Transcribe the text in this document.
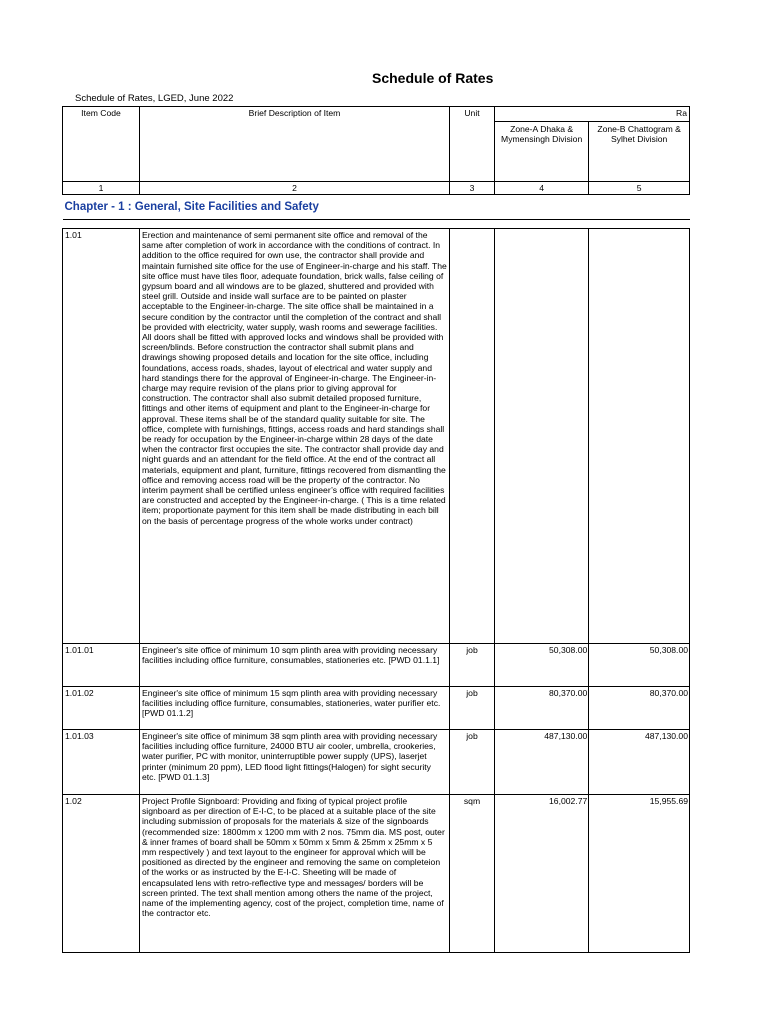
Schedule of Rates
Schedule of Rates, LGED, June 2022
Item Code	Brief Description of Item	Unit	Ra	
			Zone-A Dhaka & Mymensingh Division	Zone-B Chattogram & Sylhet Division
1	2	3	4	5
Chapter - 1 : General, Site Facilities and Safety				

1.01	Erection and maintenance of semi permanent site office and removal of the same after completion of work in accordance with the conditions of contract. In addition to the office required for own use, the contractor shall provide and maintain furnished site office for the use of Engineer-in-charge and his staff. The site office must have tiles floor, adequate foundation, brick walls, false ceiling of gypsum board and all windows are to be glazed, shuttered and provided with steel grill. Outside and inside wall surface are to be painted on plaster acceptable to the Engineer-in-charge. The site office shall be maintained in a secure condition by the contractor until the completion of the contract and shall be provided with electricity, water supply, wash rooms and sewerage facilities. All doors shall be fitted with approved locks and windows shall be provided with screen/blinds. Before construction the contractor shall submit plans and drawings showing proposed details and location for the site office, including foundations, access roads, shades, layout of electrical and water supply and hard standings there for the approval of Engineer-in-charge. The Engineer-in-charge may require revision of the plans prior to giving approval for construction. The contractor shall also submit detailed proposed furniture, fittings and other items of equipment and plant to the Engineer-in-charge for approval. These items shall be of the standard quality suitable for site. The office, complete with furnishings, fittings, access roads and hard standings shall be ready for occupation by the Engineer-in-charge within 28 days of the date when the contractor first occupies the site. The contractor shall provide day and night guards and an attendant for the field office. At the end of the contract all materials, equipment and plant, furniture, fittings recovered from dismantling the office and removing access road will be the property of the contractor. No interim payment shall be certified unless engineer’s office with required facilities are constructed and accepted by the Engineer-in-charge. ( This is a time related item; proportionate payment for this item shall be made distributing in each bill on the basis of percentage progress of the whole works under contract)			
1.01.01	Engineer's site office of minimum 10 sqm plinth area with providing necessary facilities including office furniture, consumables, stationeries etc. [PWD 01.1.1]	job	50,308.00	50,308.00
1.01.02	Engineer's site office of minimum 15 sqm plinth area with providing necessary facilities including office furniture, consumables, stationeries, water purifier etc. [PWD 01.1.2]	job	80,370.00	80,370.00
1.01.03	Engineer's site office of minimum 38 sqm plinth area with providing necessary facilities including office furniture, 24000 BTU air cooler, umbrella, crookeries, water purifier, PC with monitor, uninterruptible power supply (UPS), laserjet printer (minimum 20 ppm), LED flood light fittings(Halogen) for sight security etc. [PWD 01.1.3]	job	487,130.00	487,130.00
1.02	Project Profile Signboard: Providing and fixing of typical project profile signboard as per direction of E-I-C, to be placed at a suitable place of the site including submission of proposals for the materials & size of the signboards (recommended size: 1800mm x 1200 mm with 2 nos. 75mm dia. MS post, outer & inner frames of board shall be 50mm x 50mm x 5mm & 25mm x 25mm x 5 mm respectively ) and text layout to the engineer for approval which will be positioned as directed by the engineer and removing the same on completeion of the works or as instructed by the E-I-C. Sheeting will be made of encapsulated lens with retro-reflective type and messages/ borders will be screen printed. The text shall mention among others the name of the project, name of the implementing agency, cost of the project, completion time, name of the contractor etc.	sqm	16,002.77	15,955.69
